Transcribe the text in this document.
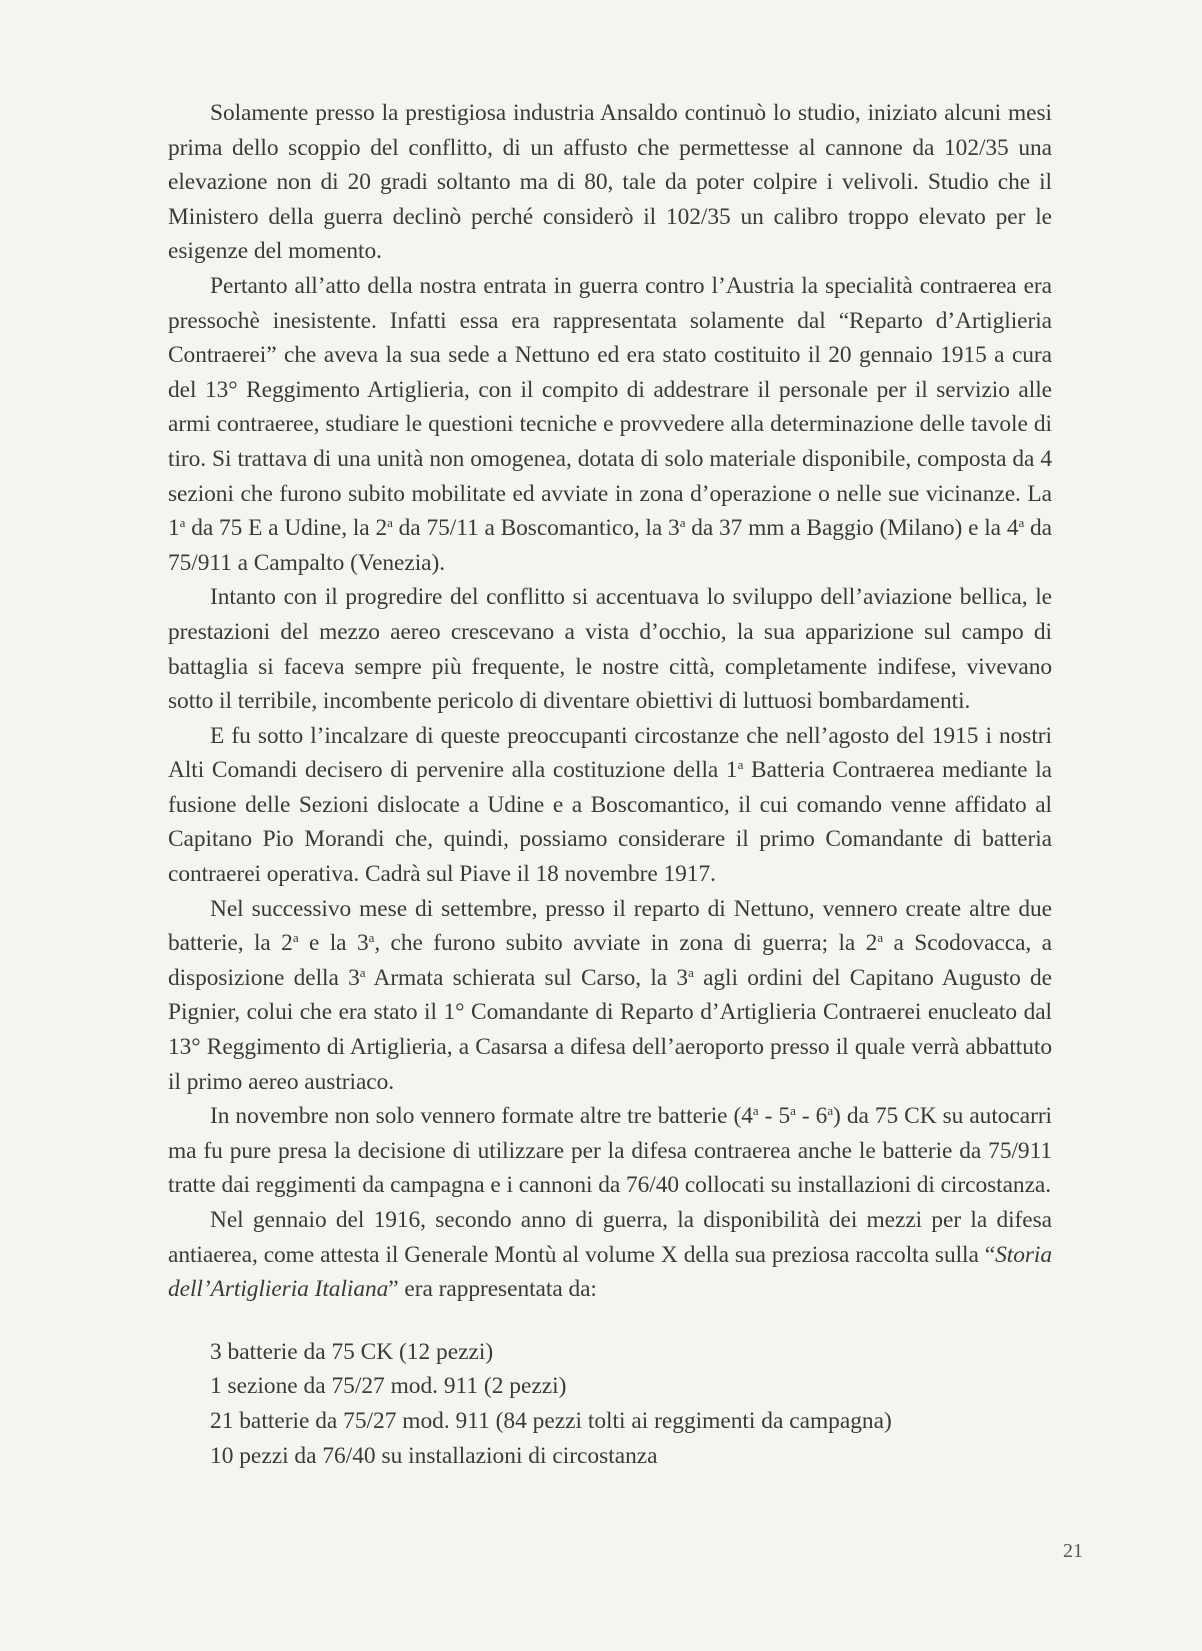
Solamente presso la prestigiosa industria Ansaldo continuò lo studio, iniziato alcuni mesi prima dello scoppio del conflitto, di un affusto che permettesse al cannone da 102/35 una elevazione non di 20 gradi soltanto ma di 80, tale da poter colpire i velivoli. Studio che il Ministero della guerra declinò perché considerò il 102/35 un calibro troppo elevato per le esigenze del momento.

Pertanto all’atto della nostra entrata in guerra contro l’Austria la specialità contraerea era pressochè inesistente. Infatti essa era rappresentata solamente dal “Reparto d’Artiglieria Contraerei” che aveva la sua sede a Nettuno ed era stato costituito il 20 gennaio 1915 a cura del 13° Reggimento Artiglieria, con il compito di addestrare il personale per il servizio alle armi contraeree, studiare le questioni tecniche e provvedere alla determinazione delle tavole di tiro. Si trattava di una unità non omogenea, dotata di solo materiale disponibile, composta da 4 sezioni che furono subito mobilitate ed avviate in zona d’operazione o nelle sue vicinanze. La 1$^a$ da 75 E a Udine, la 2$^a$ da 75/11 a Boscomantico, la 3$^a$ da 37 mm a Baggio (Milano) e la 4$^a$ da 75/911 a Campalto (Venezia).

Intanto con il progredire del conflitto si accentuava lo sviluppo dell’aviazione bellica, le prestazioni del mezzo aereo crescevano a vista d’occhio, la sua apparizione sul campo di battaglia si faceva sempre più frequente, le nostre città, completamente indifese, vivevano sotto il terribile, incombente pericolo di diventare obiettivi di luttuosi bombardamenti.

E fu sotto l’incalzare di queste preoccupanti circostanze che nell’agosto del 1915 i nostri Alti Comandi decisero di pervenire alla costituzione della 1$^a$ Batteria Contraerea mediante la fusione delle Sezioni dislocate a Udine e a Boscomantico, il cui comando venne affidato al Capitano Pio Morandi che, quindi, possiamo considerare il primo Comandante di batteria contraerei operativa. Cadrà sul Piave il 18 novembre 1917.

Nel successivo mese di settembre, presso il reparto di Nettuno, vennero create altre due batterie, la 2$^a$ e la 3$^a$, che furono subito avviate in zona di guerra; la 2$^a$ a Scodovacca, a disposizione della 3$^a$ Armata schierata sul Carso, la 3$^a$ agli ordini del Capitano Augusto de Pignier, colui che era stato il 1° Comandante di Reparto d’Artiglieria Contraerei enucleato dal 13° Reggimento di Artiglieria, a Casarsa a difesa dell’aeroporto presso il quale verrà abbattuto il primo aereo austriaco.

In novembre non solo vennero formate altre tre batterie (4$^a$ - 5$^a$ - 6$^a$) da 75 CK su autocarri ma fu pure presa la decisione di utilizzare per la difesa contraerea anche le batterie da 75/911 tratte dai reggimenti da campagna e i cannoni da 76/40 collocati su installazioni di circostanza.

Nel gennaio del 1916, secondo anno di guerra, la disponibilità dei mezzi per la difesa antiaerea, come attesta il Generale Montù al volume X della sua preziosa raccolta sulla “Storia dell’Artiglieria Italiana” era rappresentata da:

3 batterie da 75 CK (12 pezzi)
1 sezione da 75/27 mod. 911 (2 pezzi)
21 batterie da 75/27 mod. 911 (84 pezzi tolti ai reggimenti da campagna)
10 pezzi da 76/40 su installazioni di circostanza
21
